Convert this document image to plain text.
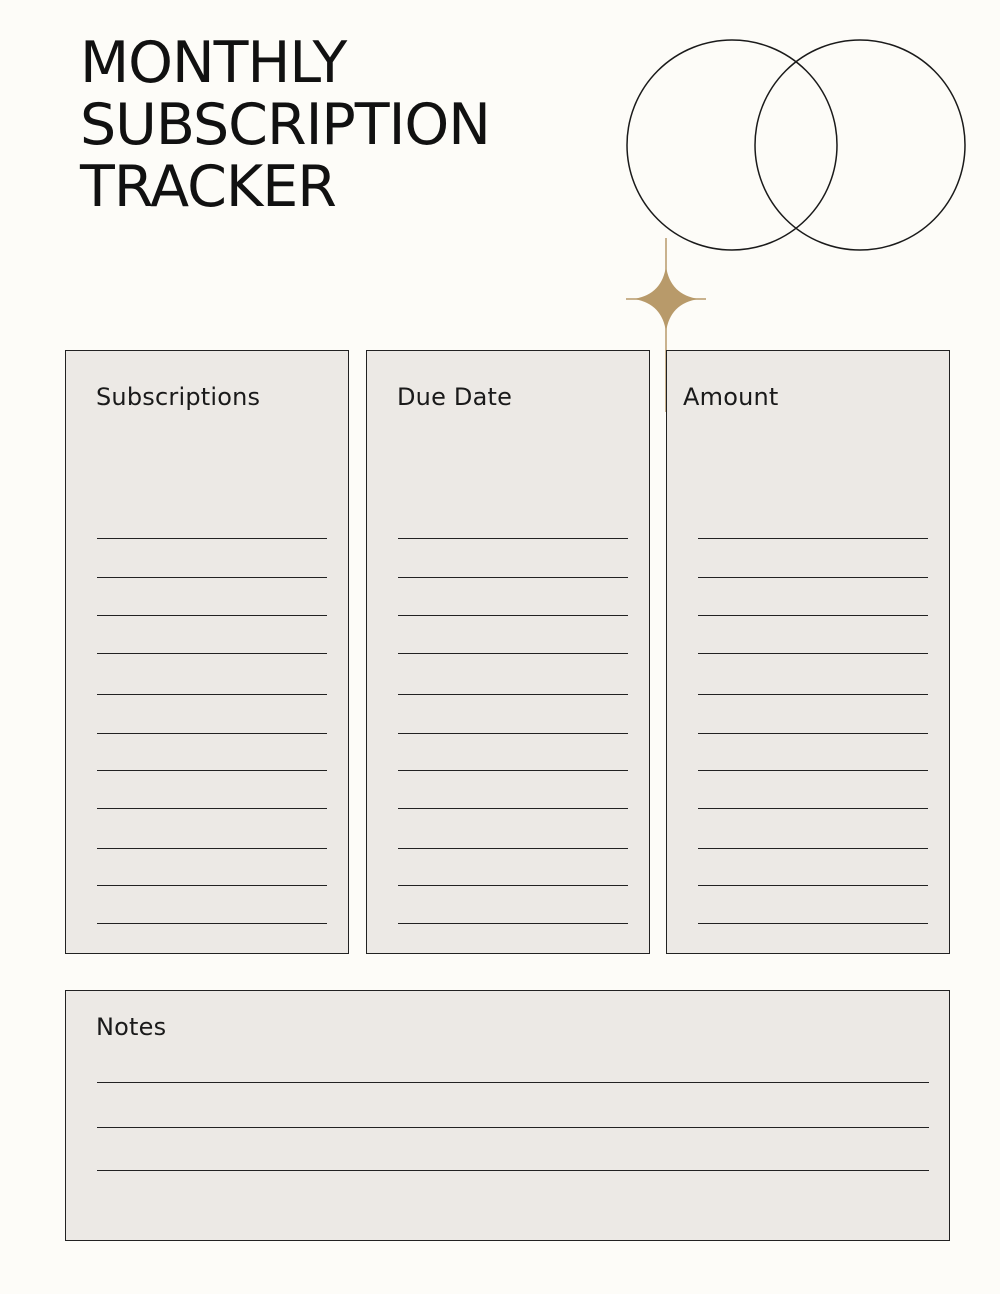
MONTHLY
SUBSCRIPTION
TRACKER
Subscriptions	Due Date	Amount
Notes
